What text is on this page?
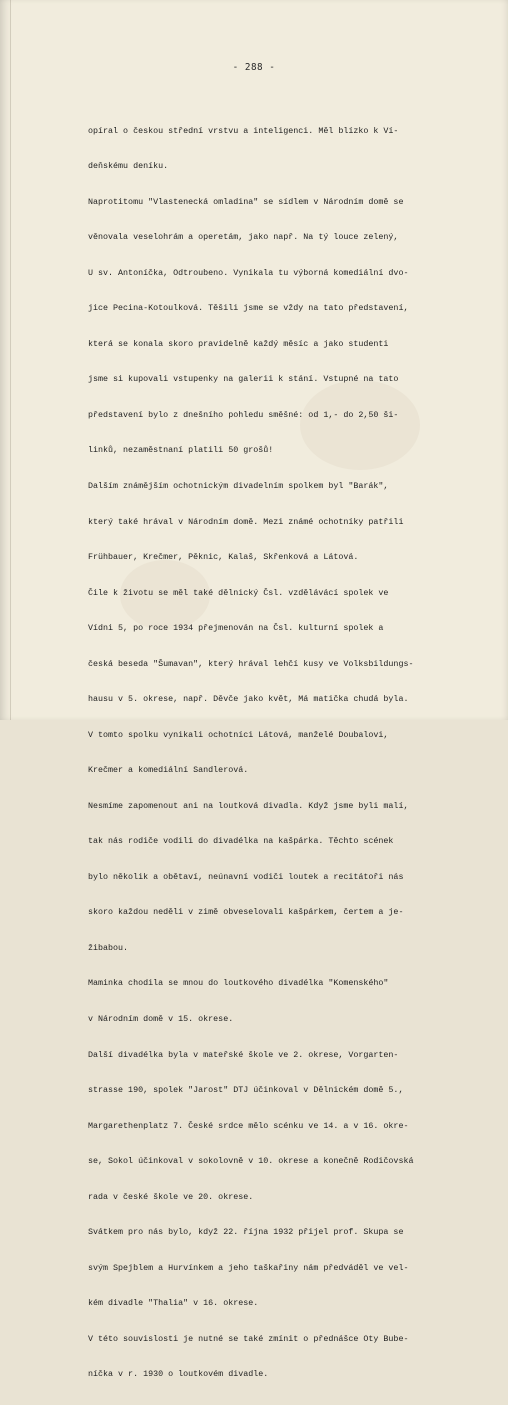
- 288 -

opíral o českou střední vrstvu a inteligenci. Měl blízko k Ví-

deňskému deníku.

Naprotitomu "Vlastenecká omladina" se sídlem v Národním domě se

věnovala veselohrám a operetám, jako např. Na tý louce zelený,

U sv. Antoníčka, Odtroubeno. Vynikala tu výborná komediální dvo-

jice Pecina-Kotoulková. Těšili jsme se vždy na tato představení,

která se konala skoro pravidelně každý měsíc a jako studenti

jsme si kupovali vstupenky na galerii k stání. Vstupné na tato

představení bylo z dnešního pohledu směšné: od 1,- do 2,50 ši-

linků, nezaměstnaní platili 50 grošů!

Dalším známějším ochotnickým divadelním spolkem byl "Barák",

který také hrával v Národním domě. Mezi známé ochotníky patřili

Frühbauer, Krečmer, Pěknic, Kalaš, Skřenková a Látová.

Čile k životu se měl také dělnický Čsl. vzdělávácí spolek ve

Vídni 5, po roce 1934 přejmenován na Čsl. kulturní spolek a

česká beseda "Šumavan", který hrával lehčí kusy ve Volksbildungs-

hausu v 5. okrese, např. Děvče jako květ, Má matička chudá byla.

V tomto spolku vynikali ochotníci Látová, manželé Doubalovi,

Krečmer a komediální Sandlerová.

Nesmíme zapomenout ani na loutková divadla. Když jsme byli malí,

tak nás rodiče vodili do divadélka na kašpárka. Těchto scének

bylo několik a obětaví, neúnavní vodiči loutek a recitátoři nás

skoro každou neděli v zimě obveselovali kašpárkem, čertem a je-

žibabou.

Maminka chodila se mnou do loutkového divadélka "Komenského"

v Národním domě v 15. okrese.

Další divadélka byla v mateřské škole ve 2. okrese, Vorgarten-

strasse 190, spolek "Jarost" DTJ účinkoval v Dělnickém domě 5.,

Margarethenplatz 7. České srdce mělo scénku ve 14. a v 16. okre-

se, Sokol účinkoval v sokolovně v 10. okrese a konečně Rodičovská

rada v české škole ve 20. okrese.

Svátkem pro nás bylo, když 22. října 1932 přijel prof. Skupa se

svým Spejblem a Hurvínkem a jeho taškařiny nám předváděl ve vel-

kém divadle "Thalia" v 16. okrese.

V této souvislosti je nutné se také zmínit o přednášce Oty Bube-

níčka v r. 1930 o loutkovém divadle.
